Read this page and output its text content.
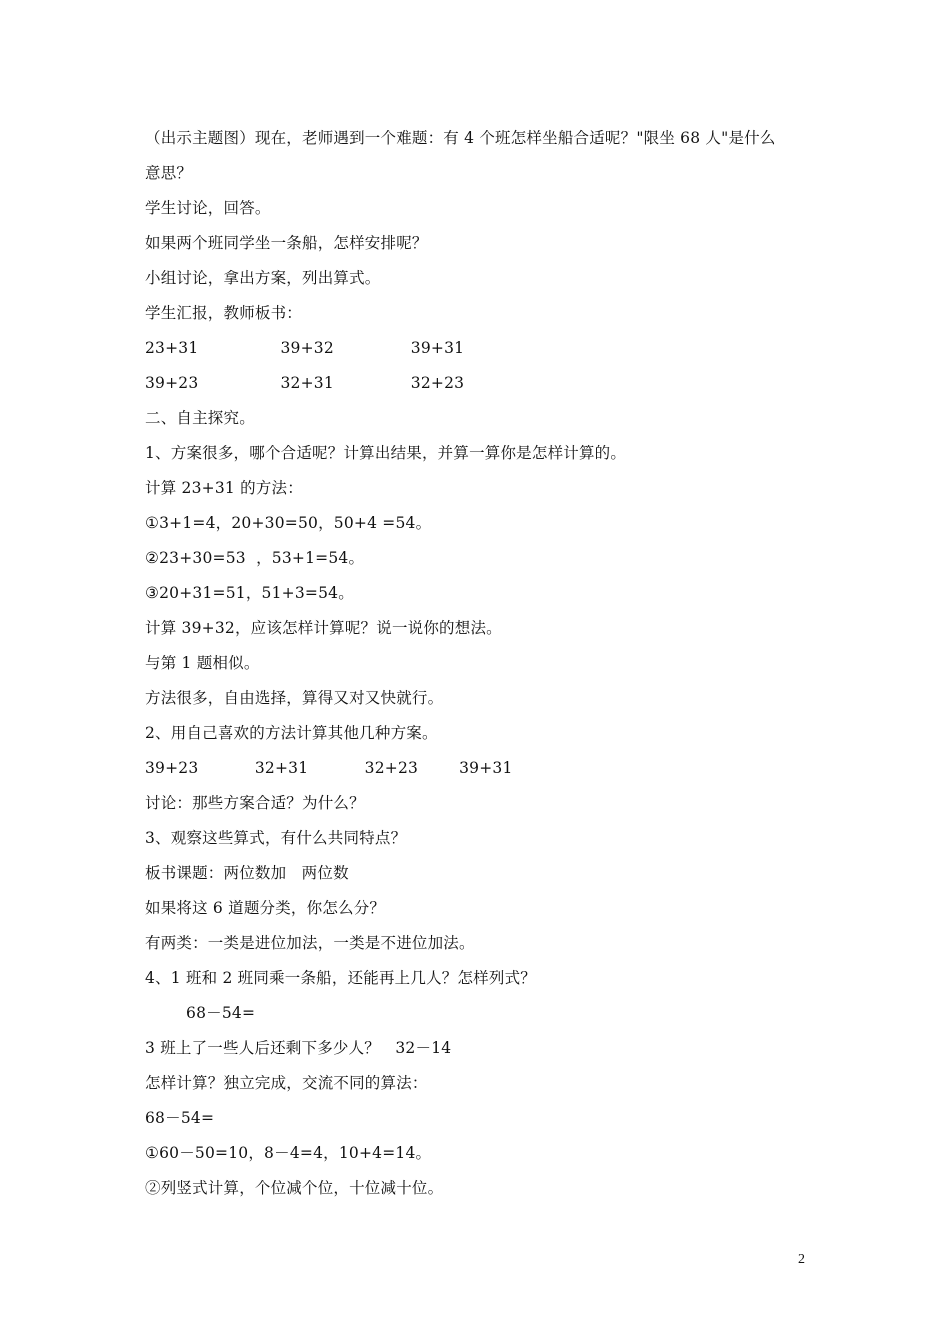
（出示主题图）现在，老师遇到一个难题：有 4 个班怎样坐船合适呢？"限坐 68 人"是什么
意思？
学生讨论，回答。
如果两个班同学坐一条船，怎样安排呢？
小组讨论，拿出方案，列出算式。
学生汇报，教师板书：
23+31                39+32               39+31
39+23                32+31               32+23
二、自主探究。
1、方案很多，哪个合适呢？计算出结果，并算一算你是怎样计算的。
计算 23+31 的方法：
①3+1=4，20+30=50，50+4 =54。
②23+30=53  ，53+1=54。
③20+31=51，51+3=54。
计算 39+32，应该怎样计算呢？说一说你的想法。
与第 1 题相似。
方法很多，自由选择，算得又对又快就行。
2、用自己喜欢的方法计算其他几种方案。
39+23           32+31           32+23        39+31
讨论：那些方案合适？为什么？
3、观察这些算式，有什么共同特点？
板书课题：两位数加   两位数
如果将这 6 道题分类，你怎么分？
有两类：一类是进位加法，一类是不进位加法。
4、1 班和 2 班同乘一条船，还能再上几人？怎样列式？
68－54=
3 班上了一些人后还剩下多少人？   32－14
怎样计算？独立完成，交流不同的算法：
68－54=
①60－50=10，8－4=4，10+4=14。
②列竖式计算，个位减个位，十位减十位。
2
